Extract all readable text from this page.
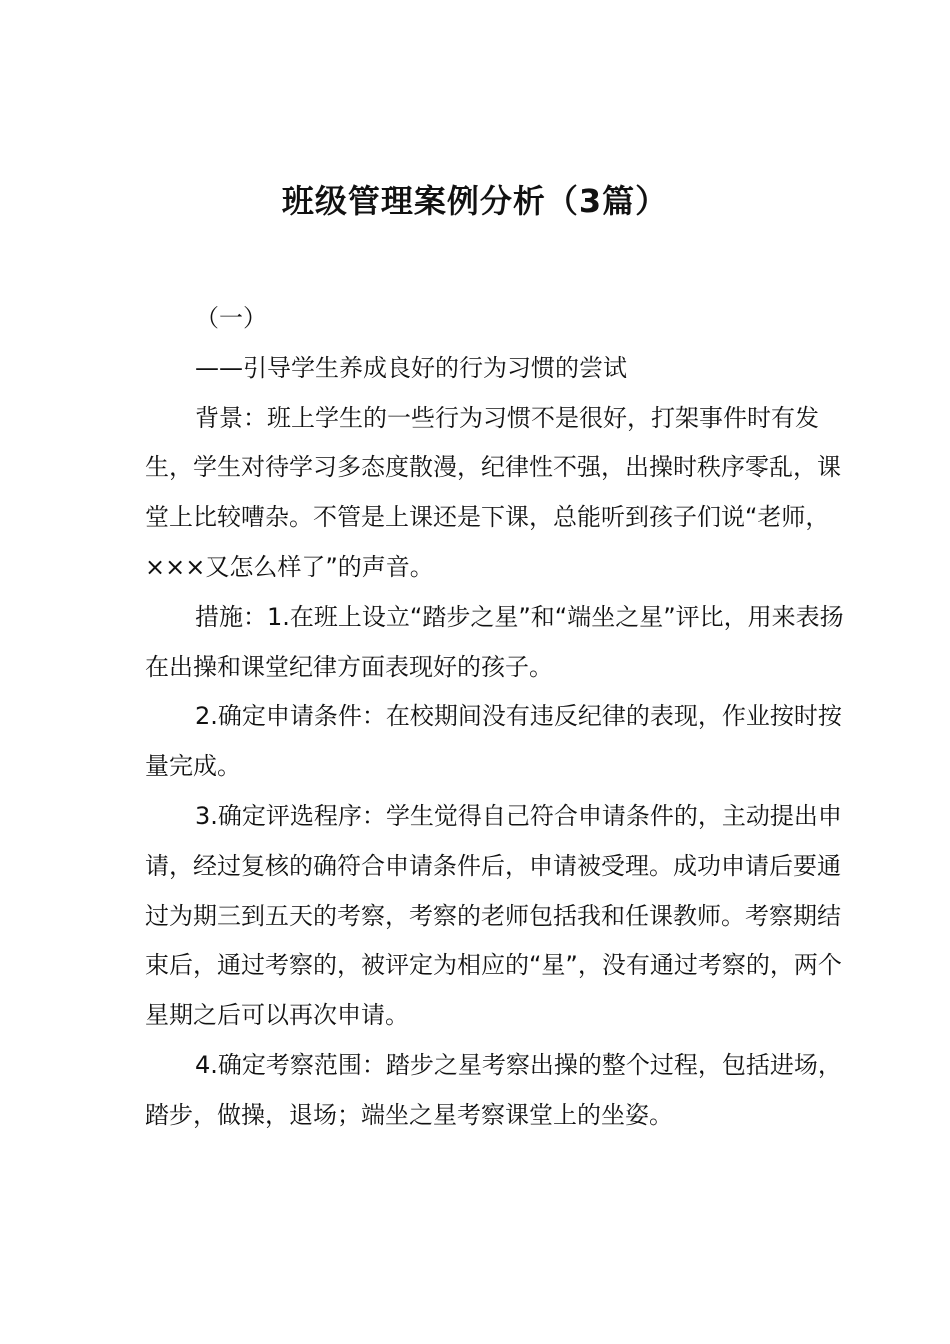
班级管理案例分析（3篇）

（一）

——引导学生养成良好的行为习惯的尝试

背景：班上学生的一些行为习惯不是很好，打架事件时有发生，学生对待学习多态度散漫，纪律性不强，出操时秩序零乱，课堂上比较嘈杂。不管是上课还是下课，总能听到孩子们说“老师，×××又怎么样了”的声音。

措施：1.在班上设立“踏步之星”和“端坐之星”评比，用来表扬在出操和课堂纪律方面表现好的孩子。

2.确定申请条件：在校期间没有违反纪律的表现，作业按时按量完成。

3.确定评选程序：学生觉得自己符合申请条件的，主动提出申请，经过复核的确符合申请条件后，申请被受理。成功申请后要通过为期三到五天的考察，考察的老师包括我和任课教师。考察期结束后，通过考察的，被评定为相应的“星”，没有通过考察的，两个星期之后可以再次申请。

4.确定考察范围：踏步之星考察出操的整个过程，包括进场，踏步，做操，退场；端坐之星考察课堂上的坐姿。
